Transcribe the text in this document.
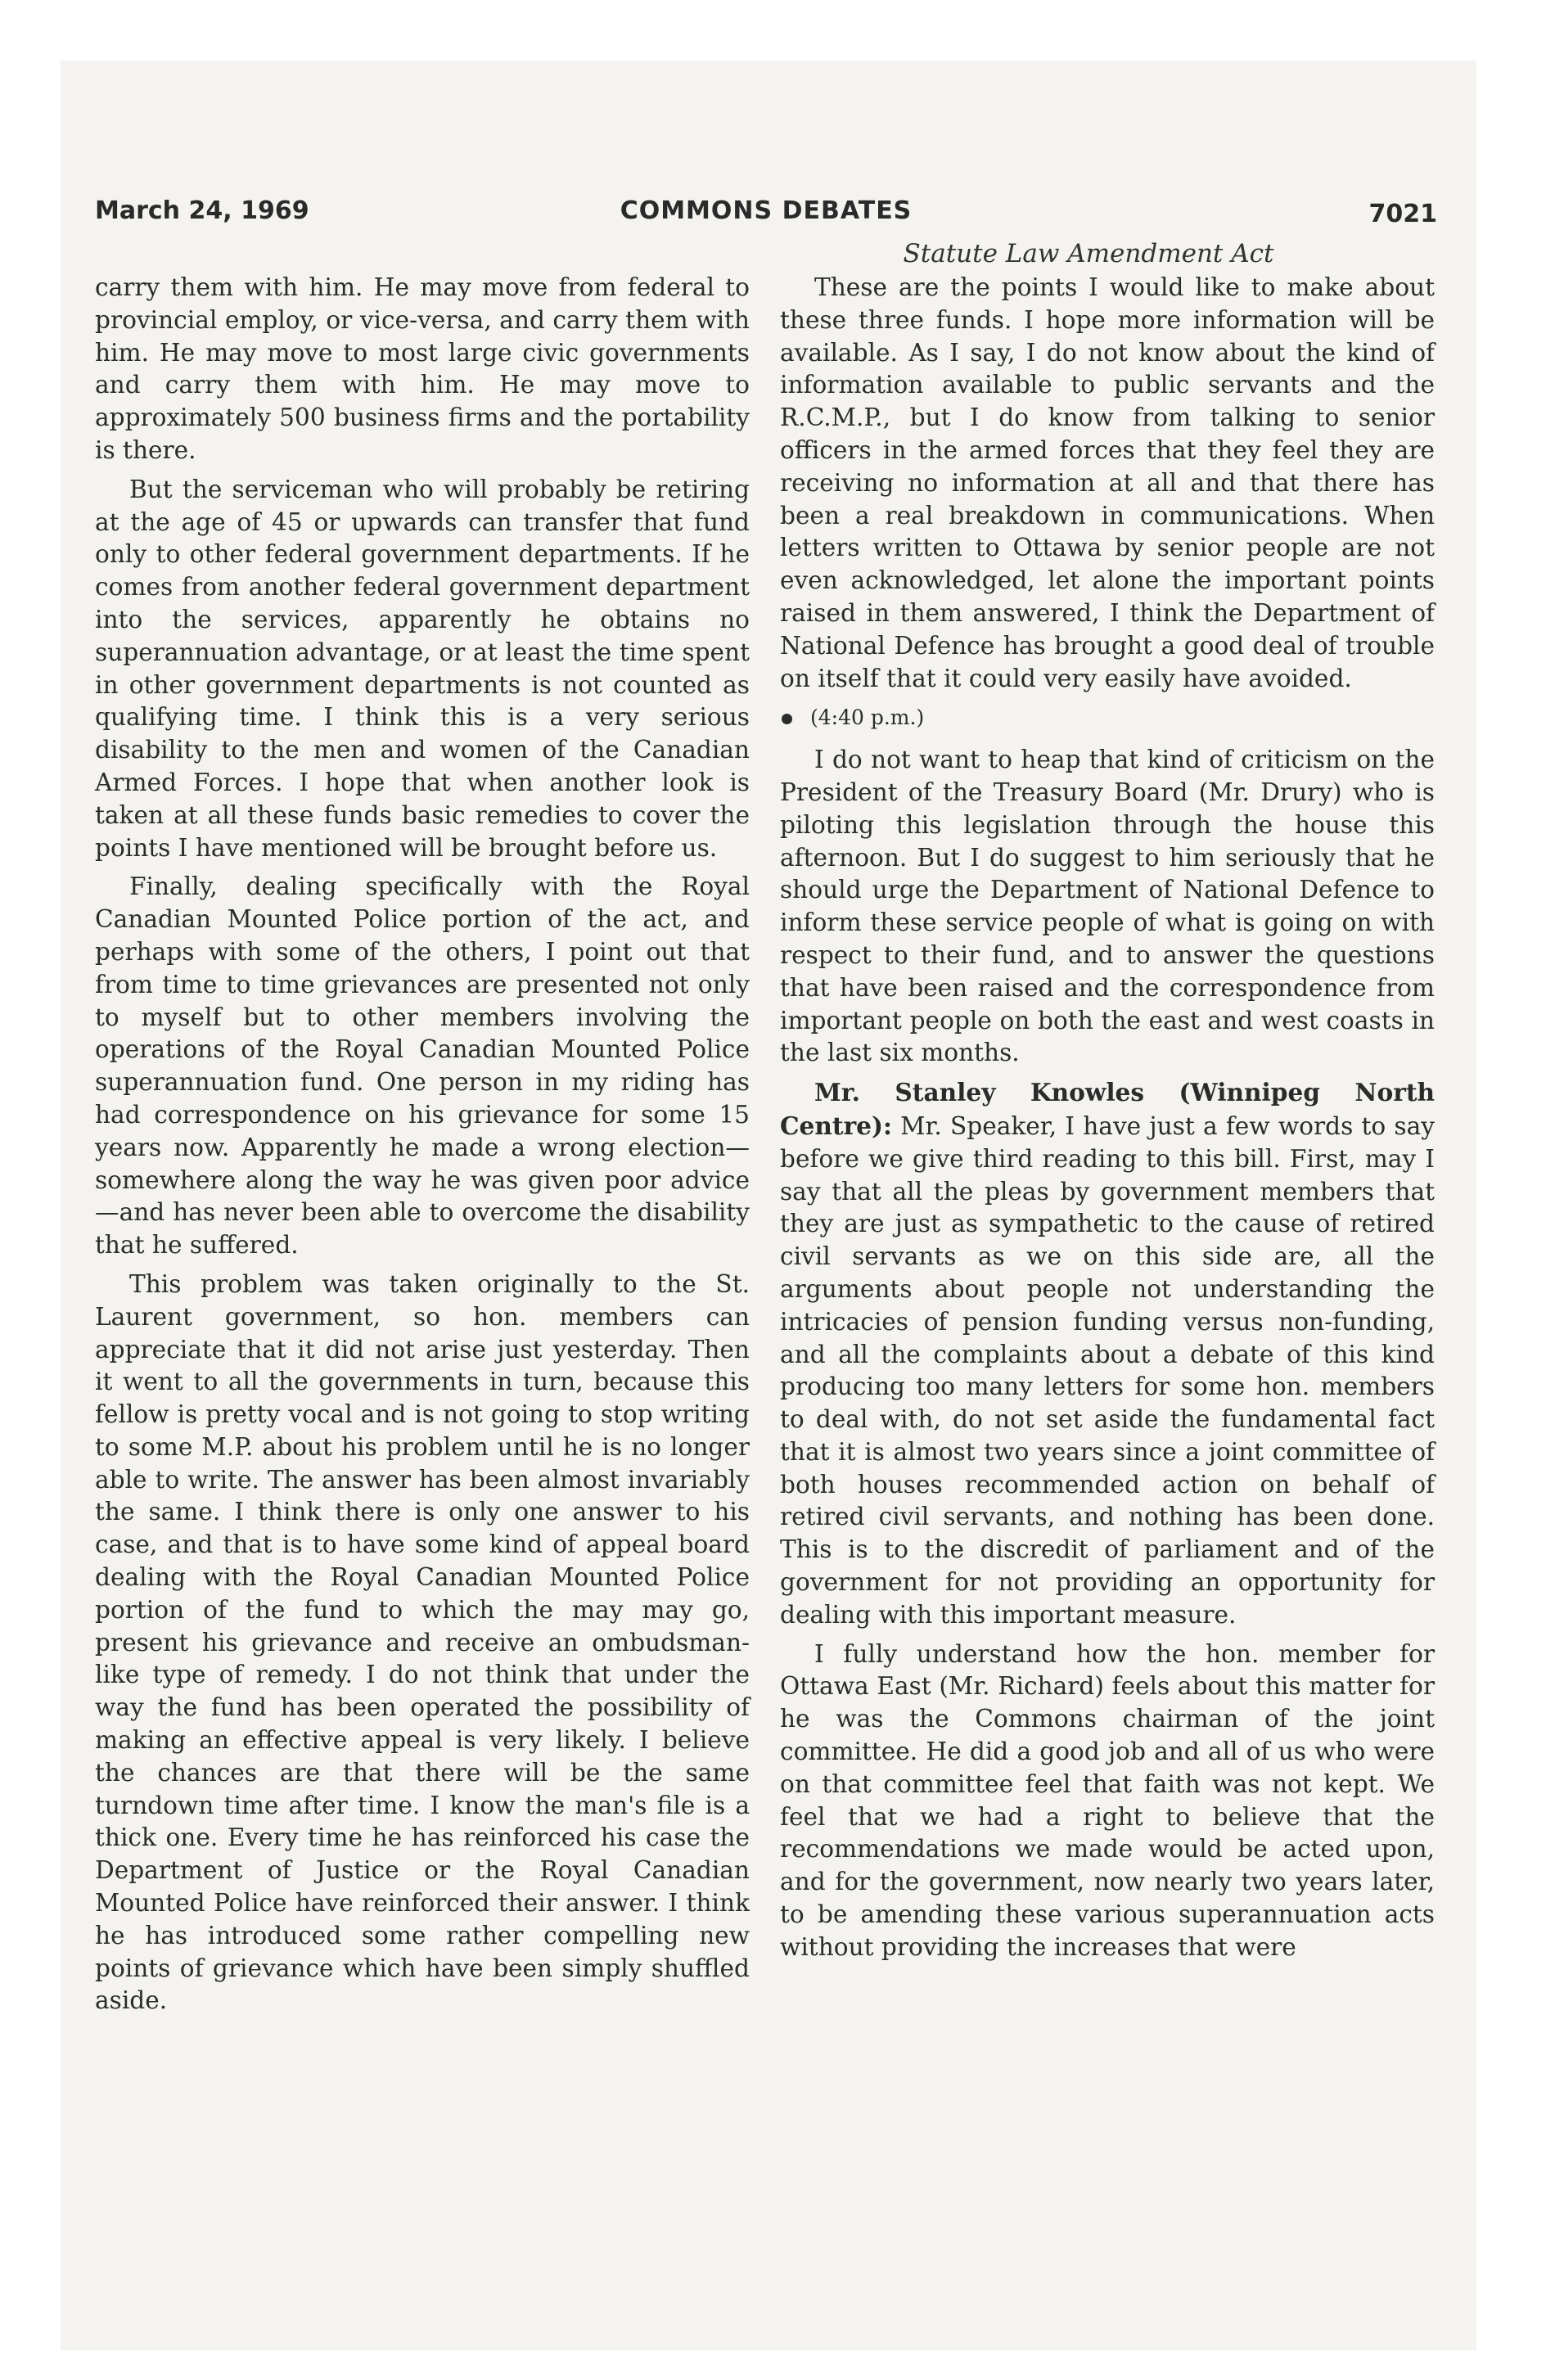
March 24, 1969	COMMONS DEBATES	7021
Statute Law Amendment Act

carry them with him. He may move from federal to provincial employ, or vice-versa, and carry them with him. He may move to most large civic governments and carry them with him. He may move to approximately 500 business firms and the portability is there.

But the serviceman who will probably be retiring at the age of 45 or upwards can transfer that fund only to other federal government departments. If he comes from another federal government department into the services, apparently he obtains no superannuation advantage, or at least the time spent in other government departments is not counted as qualifying time. I think this is a very serious disability to the men and women of the Canadian Armed Forces. I hope that when another look is taken at all these funds basic remedies to cover the points I have mentioned will be brought before us.

Finally, dealing specifically with the Royal Canadian Mounted Police portion of the act, and perhaps with some of the others, I point out that from time to time grievances are presented not only to myself but to other members involving the operations of the Royal Canadian Mounted Police superannuation fund. One person in my riding has had correspondence on his grievance for some 15 years now. Apparently he made a wrong election—somewhere along the way he was given poor advice—and has never been able to overcome the disability that he suffered.

This problem was taken originally to the St. Laurent government, so hon. members can appreciate that it did not arise just yesterday. Then it went to all the governments in turn, because this fellow is pretty vocal and is not going to stop writing to some M.P. about his problem until he is no longer able to write. The answer has been almost invariably the same. I think there is only one answer to his case, and that is to have some kind of appeal board dealing with the Royal Canadian Mounted Police portion of the fund to which the may may go, present his grievance and receive an ombudsman-like type of remedy. I do not think that under the way the fund has been operated the possibility of making an effective appeal is very likely. I believe the chances are that there will be the same turndown time after time. I know the man's file is a thick one. Every time he has reinforced his case the Department of Justice or the Royal Canadian Mounted Police have reinforced their answer. I think he has introduced some rather compelling new points of grievance which have been simply shuffled aside.

These are the points I would like to make about these three funds. I hope more information will be available. As I say, I do not know about the kind of information available to public servants and the R.C.M.P., but I do know from talking to senior officers in the armed forces that they feel they are receiving no information at all and that there has been a real breakdown in communications. When letters written to Ottawa by senior people are not even acknowledged, let alone the important points raised in them answered, I think the Department of National Defence has brought a good deal of trouble on itself that it could very easily have avoided.

(4:40 p.m.)

I do not want to heap that kind of criticism on the President of the Treasury Board (Mr. Drury) who is piloting this legislation through the house this afternoon. But I do suggest to him seriously that he should urge the Department of National Defence to inform these service people of what is going on with respect to their fund, and to answer the questions that have been raised and the correspondence from important people on both the east and west coasts in the last six months.

Mr. Stanley Knowles (Winnipeg North Centre): Mr. Speaker, I have just a few words to say before we give third reading to this bill. First, may I say that all the pleas by government members that they are just as sympathetic to the cause of retired civil servants as we on this side are, all the arguments about people not understanding the intricacies of pension funding versus non-funding, and all the complaints about a debate of this kind producing too many letters for some hon. members to deal with, do not set aside the fundamental fact that it is almost two years since a joint committee of both houses recommended action on behalf of retired civil servants, and nothing has been done. This is to the discredit of parliament and of the government for not providing an opportunity for dealing with this important measure.

I fully understand how the hon. member for Ottawa East (Mr. Richard) feels about this matter for he was the Commons chairman of the joint committee. He did a good job and all of us who were on that committee feel that faith was not kept. We feel that we had a right to believe that the recommendations we made would be acted upon, and for the government, now nearly two years later, to be amending these various superannuation acts without providing the increases that were
